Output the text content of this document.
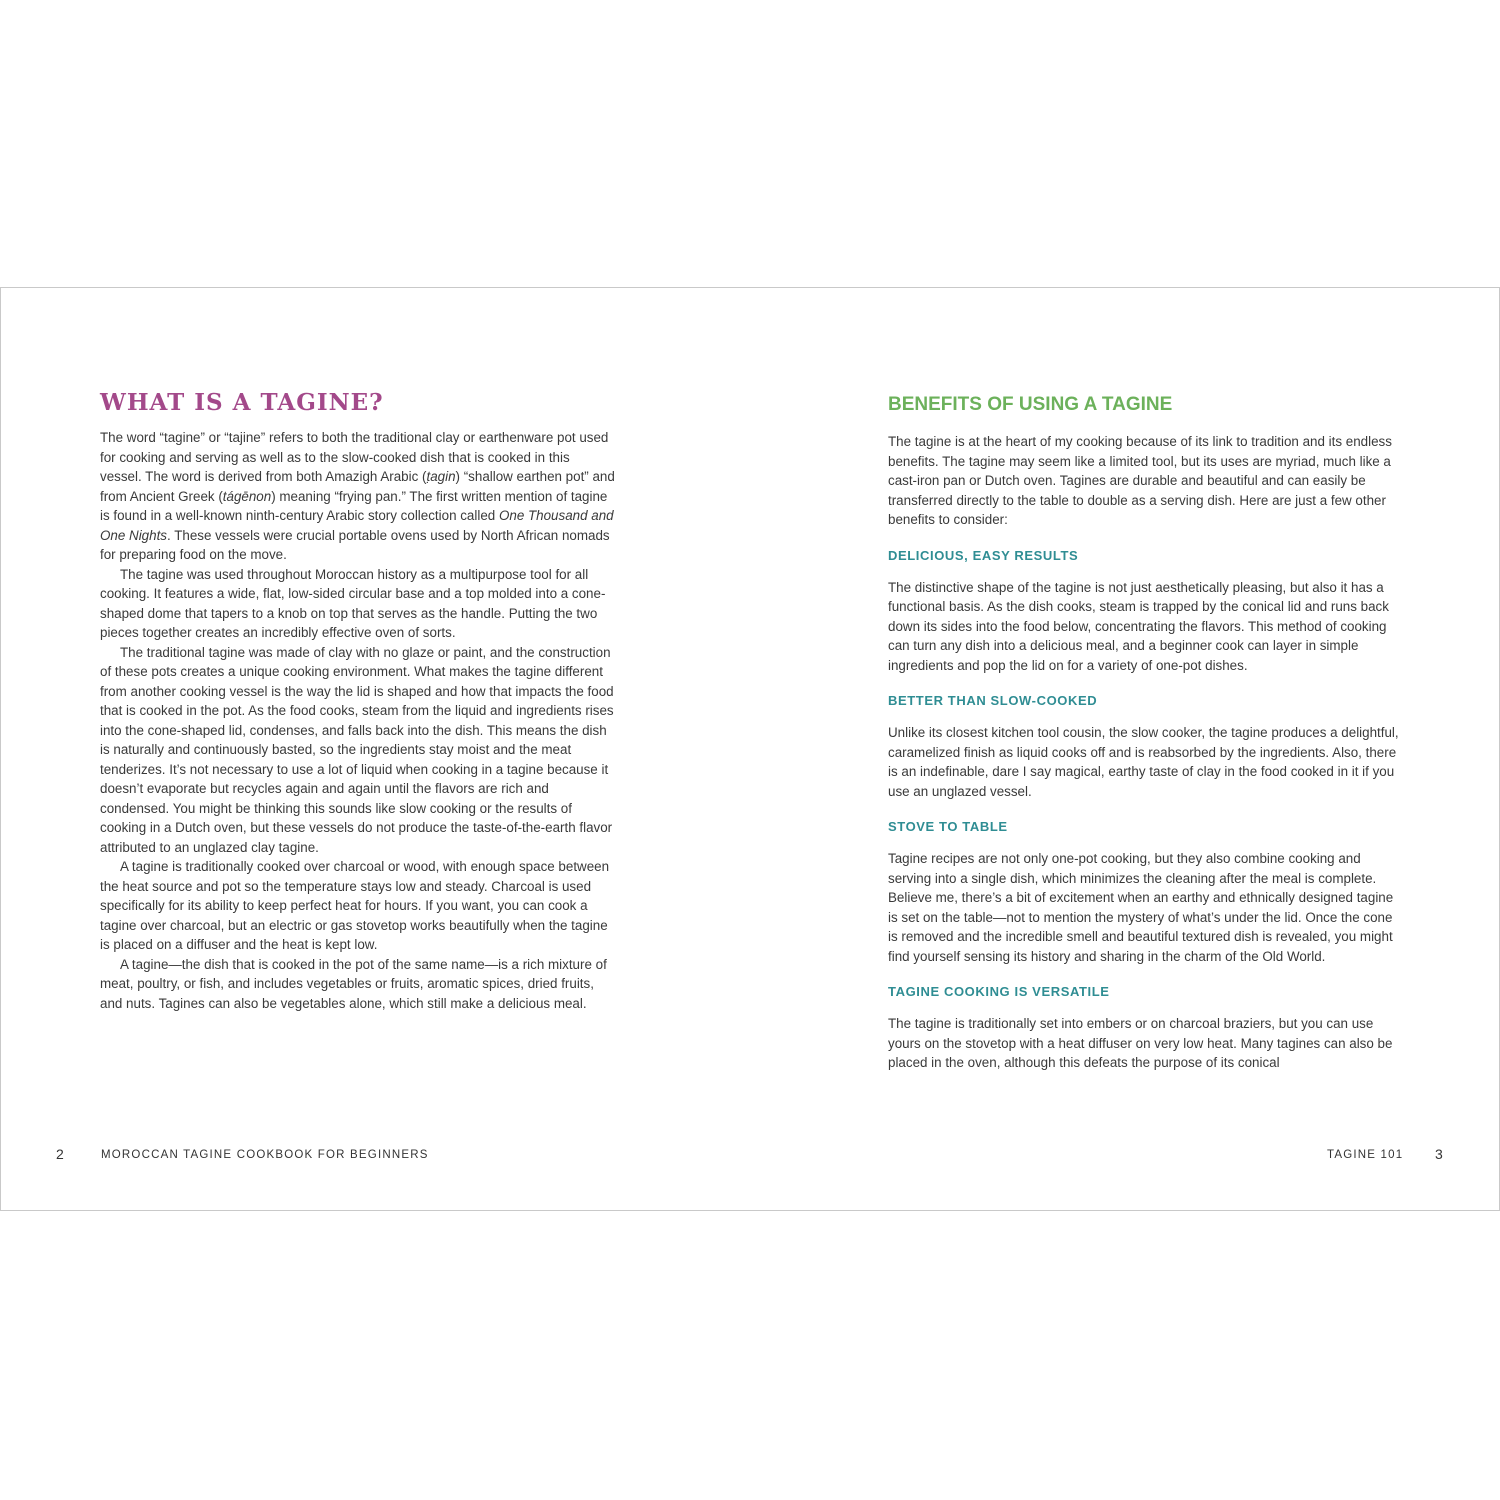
WHAT IS A TAGINE?

The word “tagine” or “tajine” refers to both the traditional clay or earthenware pot used for cooking and serving as well as to the slow-cooked dish that is cooked in this vessel. The word is derived from both Amazigh Arabic (ṭagin) “shallow earthen pot” and from Ancient Greek (tágēnon) meaning “frying pan.” The first written mention of tagine is found in a well-known ninth-century Arabic story collection called One Thousand and One Nights. These vessels were crucial portable ovens used by North African nomads for preparing food on the move.

The tagine was used throughout Moroccan history as a multipurpose tool for all cooking. It features a wide, flat, low-sided circular base and a top molded into a cone-shaped dome that tapers to a knob on top that serves as the handle. Putting the two pieces together creates an incredibly effective oven of sorts.

The traditional tagine was made of clay with no glaze or paint, and the construction of these pots creates a unique cooking environment. What makes the tagine different from another cooking vessel is the way the lid is shaped and how that impacts the food that is cooked in the pot. As the food cooks, steam from the liquid and ingredients rises into the cone-shaped lid, condenses, and falls back into the dish. This means the dish is naturally and continuously basted, so the ingredients stay moist and the meat tenderizes. It’s not necessary to use a lot of liquid when cooking in a tagine because it doesn’t evaporate but recycles again and again until the flavors are rich and condensed. You might be thinking this sounds like slow cooking or the results of cooking in a Dutch oven, but these vessels do not produce the taste-of-the-earth flavor attributed to an unglazed clay tagine.

A tagine is traditionally cooked over charcoal or wood, with enough space between the heat source and pot so the temperature stays low and steady. Charcoal is used specifically for its ability to keep perfect heat for hours. If you want, you can cook a tagine over charcoal, but an electric or gas stovetop works beautifully when the tagine is placed on a diffuser and the heat is kept low.

A tagine—the dish that is cooked in the pot of the same name—is a rich mixture of meat, poultry, or fish, and includes vegetables or fruits, aromatic spices, dried fruits, and nuts. Tagines can also be vegetables alone, which still make a delicious meal.

2	MOROCCAN TAGINE COOKBOOK FOR BEGINNERS
BENEFITS OF USING A TAGINE

The tagine is at the heart of my cooking because of its link to tradition and its endless benefits. The tagine may seem like a limited tool, but its uses are myriad, much like a cast-iron pan or Dutch oven. Tagines are durable and beautiful and can easily be transferred directly to the table to double as a serving dish. Here are just a few other benefits to consider:

DELICIOUS, EASY RESULTS

The distinctive shape of the tagine is not just aesthetically pleasing, but also it has a functional basis. As the dish cooks, steam is trapped by the conical lid and runs back down its sides into the food below, concentrating the flavors. This method of cooking can turn any dish into a delicious meal, and a beginner cook can layer in simple ingredients and pop the lid on for a variety of one-pot dishes.

BETTER THAN SLOW-COOKED

Unlike its closest kitchen tool cousin, the slow cooker, the tagine produces a delightful, caramelized finish as liquid cooks off and is reabsorbed by the ingredients. Also, there is an indefinable, dare I say magical, earthy taste of clay in the food cooked in it if you use an unglazed vessel.

STOVE TO TABLE

Tagine recipes are not only one-pot cooking, but they also combine cooking and serving into a single dish, which minimizes the cleaning after the meal is complete. Believe me, there’s a bit of excitement when an earthy and ethnically designed tagine is set on the table—not to mention the mystery of what’s under the lid. Once the cone is removed and the incredible smell and beautiful textured dish is revealed, you might find yourself sensing its history and sharing in the charm of the Old World.

TAGINE COOKING IS VERSATILE

The tagine is traditionally set into embers or on charcoal braziers, but you can use yours on the stovetop with a heat diffuser on very low heat. Many tagines can also be placed in the oven, although this defeats the purpose of its conical

TAGINE 101 3
